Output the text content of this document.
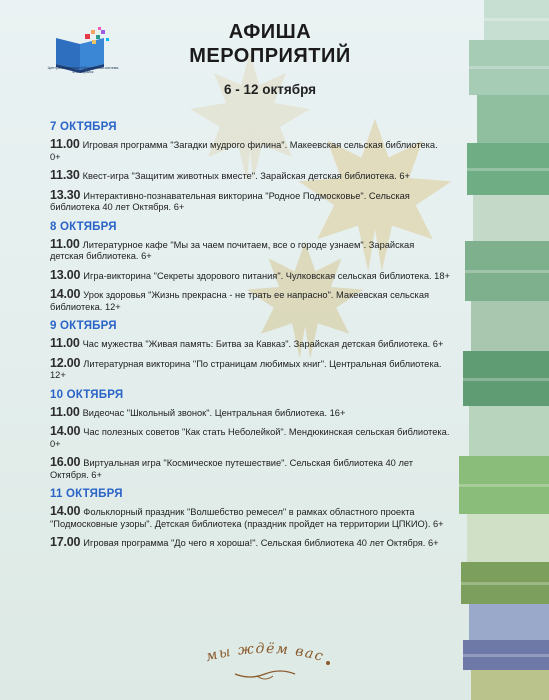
Централизованная библиотечная система м.о. Зарайск
АФИША
МЕРОПРИЯТИЙ
6 - 12 октября
7 ОКТЯБРЯ
11.00 Игровая программа "Загадки мудрого филина". Макеевская сельская библиотека. 0+
11.30 Квест-игра "Защитим животных вместе". Зарайская детская библиотека. 6+
13.30 Интерактивно-познавательная викторина "Родное Подмосковье". Сельская библиотека 40 лет Октября. 6+
8 ОКТЯБРЯ
11.00 Литературное кафе "Мы за чаем почитаем, все о городе узнаем". Зарайская детская библиотека. 6+
13.00 Игра-викторина "Секреты здорового питания". Чулковская сельская библиотека. 18+
14.00 Урок здоровья "Жизнь прекрасна - не трать ее напрасно". Макеевская сельская библиотека. 12+
9 ОКТЯБРЯ
11.00 Час мужества "Живая память: Битва за Кавказ". Зарайская детская библиотека. 6+
12.00 Литературная викторина "По страницам любимых книг". Центральная библиотека. 12+
10 ОКТЯБРЯ
11.00 Видеочас "Школьный звонок". Центральная библиотека. 16+
14.00 Час полезных советов "Как стать Неболейкой". Мендюкинская сельская библиотека. 0+
16.00 Виртуальная игра "Космическое путешествие". Сельская библиотека 40 лет Октября. 6+
11 ОКТЯБРЯ
14.00 Фольклорный праздник "Волшебство ремесел" в рамках областного проекта "Подмосковные узоры". Детская библиотека (праздник пройдет на территории ЦПКИО). 6+
17.00 Игровая программа "До чего я хороша!". Сельская библиотека 40 лет Октября. 6+
мы ждём вас
